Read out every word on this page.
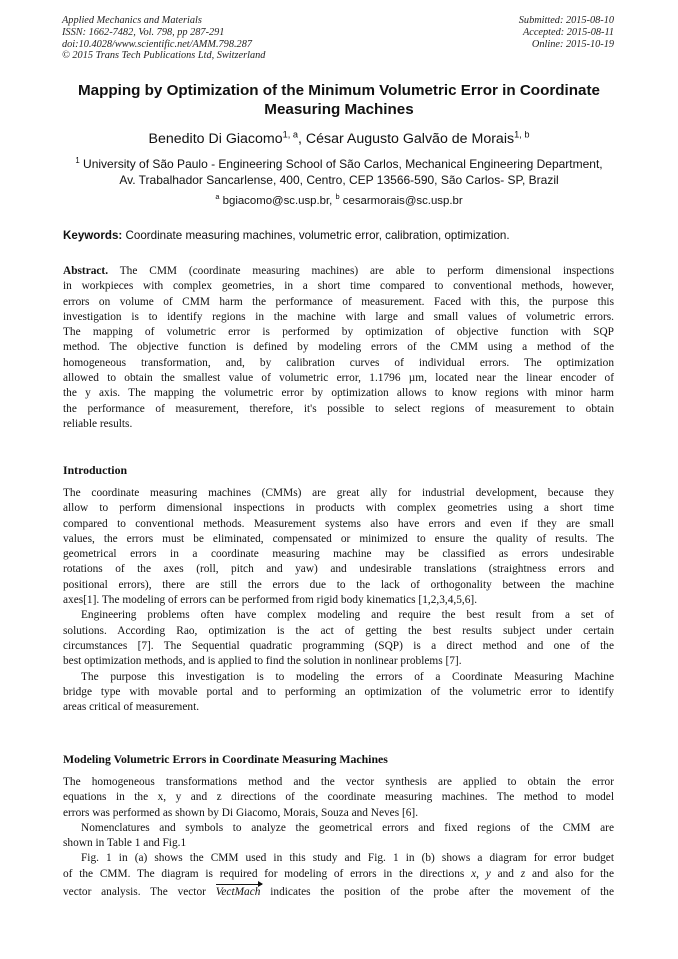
Applied Mechanics and Materials
ISSN: 1662-7482, Vol. 798, pp 287-291
doi:10.4028/www.scientific.net/AMM.798.287
© 2015 Trans Tech Publications Ltd, Switzerland
Submitted: 2015-08-10
Accepted: 2015-08-11
Online: 2015-10-19
Mapping by Optimization of the Minimum Volumetric Error in Coordinate Measuring Machines
Benedito Di Giacomo$^{1, a}$, César Augusto Galvão de Morais$^{1, b}$
$^1$ University of São Paulo - Engineering School of São Carlos, Mechanical Engineering Department,
Av. Trabalhador Sancarlense, 400, Centro, CEP 13566-590, São Carlos- SP, Brazil
$^a$ bgiacomo@sc.usp.br, $^b$ cesarmorais@sc.usp.br
Keywords: Coordinate measuring machines, volumetric error, calibration, optimization.
Abstract. The CMM (coordinate measuring machines) are able to perform dimensional inspections
in workpieces with complex geometries, in a short time compared to conventional methods, however,
errors on volume of CMM harm the performance of measurement. Faced with this, the purpose this
investigation is to identify regions in the machine with large and small values of volumetric errors.
The mapping of volumetric error is performed by optimization of objective function with SQP
method. The objective function is defined by modeling errors of the CMM using a method of the
homogeneous transformation, and, by calibration curves of individual errors. The optimization
allowed to obtain the smallest value of volumetric error, 1.1796 µm, located near the linear encoder of
the y axis. The mapping the volumetric error by optimization allows to know regions with minor harm
the performance of measurement, therefore, it's possible to select regions of measurement to obtain
reliable results.
Introduction
The coordinate measuring machines (CMMs) are great ally for industrial development, because they
allow to perform dimensional inspections in products with complex geometries using a short time
compared to conventional methods. Measurement systems also have errors and even if they are small
values, the errors must be eliminated, compensated or minimized to ensure the quality of results. The
geometrical errors in a coordinate measuring machine may be classified as errors undesirable
rotations of the axes (roll, pitch and yaw) and undesirable translations (straightness errors and
positional errors), there are still the errors due to the lack of orthogonality between the machine
axes[1]. The modeling of errors can be performed from rigid body kinematics [1,2,3,4,5,6].
Engineering problems often have complex modeling and require the best result from a set of
solutions. According Rao, optimization is the act of getting the best results subject under certain
circumstances [7]. The Sequential quadratic programming (SQP) is a direct method and one of the
best optimization methods, and is applied to find the solution in nonlinear problems [7].
The purpose this investigation is to modeling the errors of a Coordinate Measuring Machine
bridge type with movable portal and to performing an optimization of the volumetric error to identify
areas critical of measurement.
Modeling Volumetric Errors in Coordinate Measuring Machines
The homogeneous transformations method and the vector synthesis are applied to obtain the error
equations in the x, y and z directions of the coordinate measuring machines. The method to model
errors was performed as shown by Di Giacomo, Morais, Souza and Neves [6].
Nomenclatures and symbols to analyze the geometrical errors and fixed regions of the CMM are
shown in Table 1 and Fig.1
Fig. 1 in (a) shows the CMM used in this study and Fig. 1 in (b) shows a diagram for error budget
of the CMM. The diagram is required for modeling of errors in the directions x, y and z and also for the
vector analysis. The vector VectMach indicates the position of the probe after the movement of the
